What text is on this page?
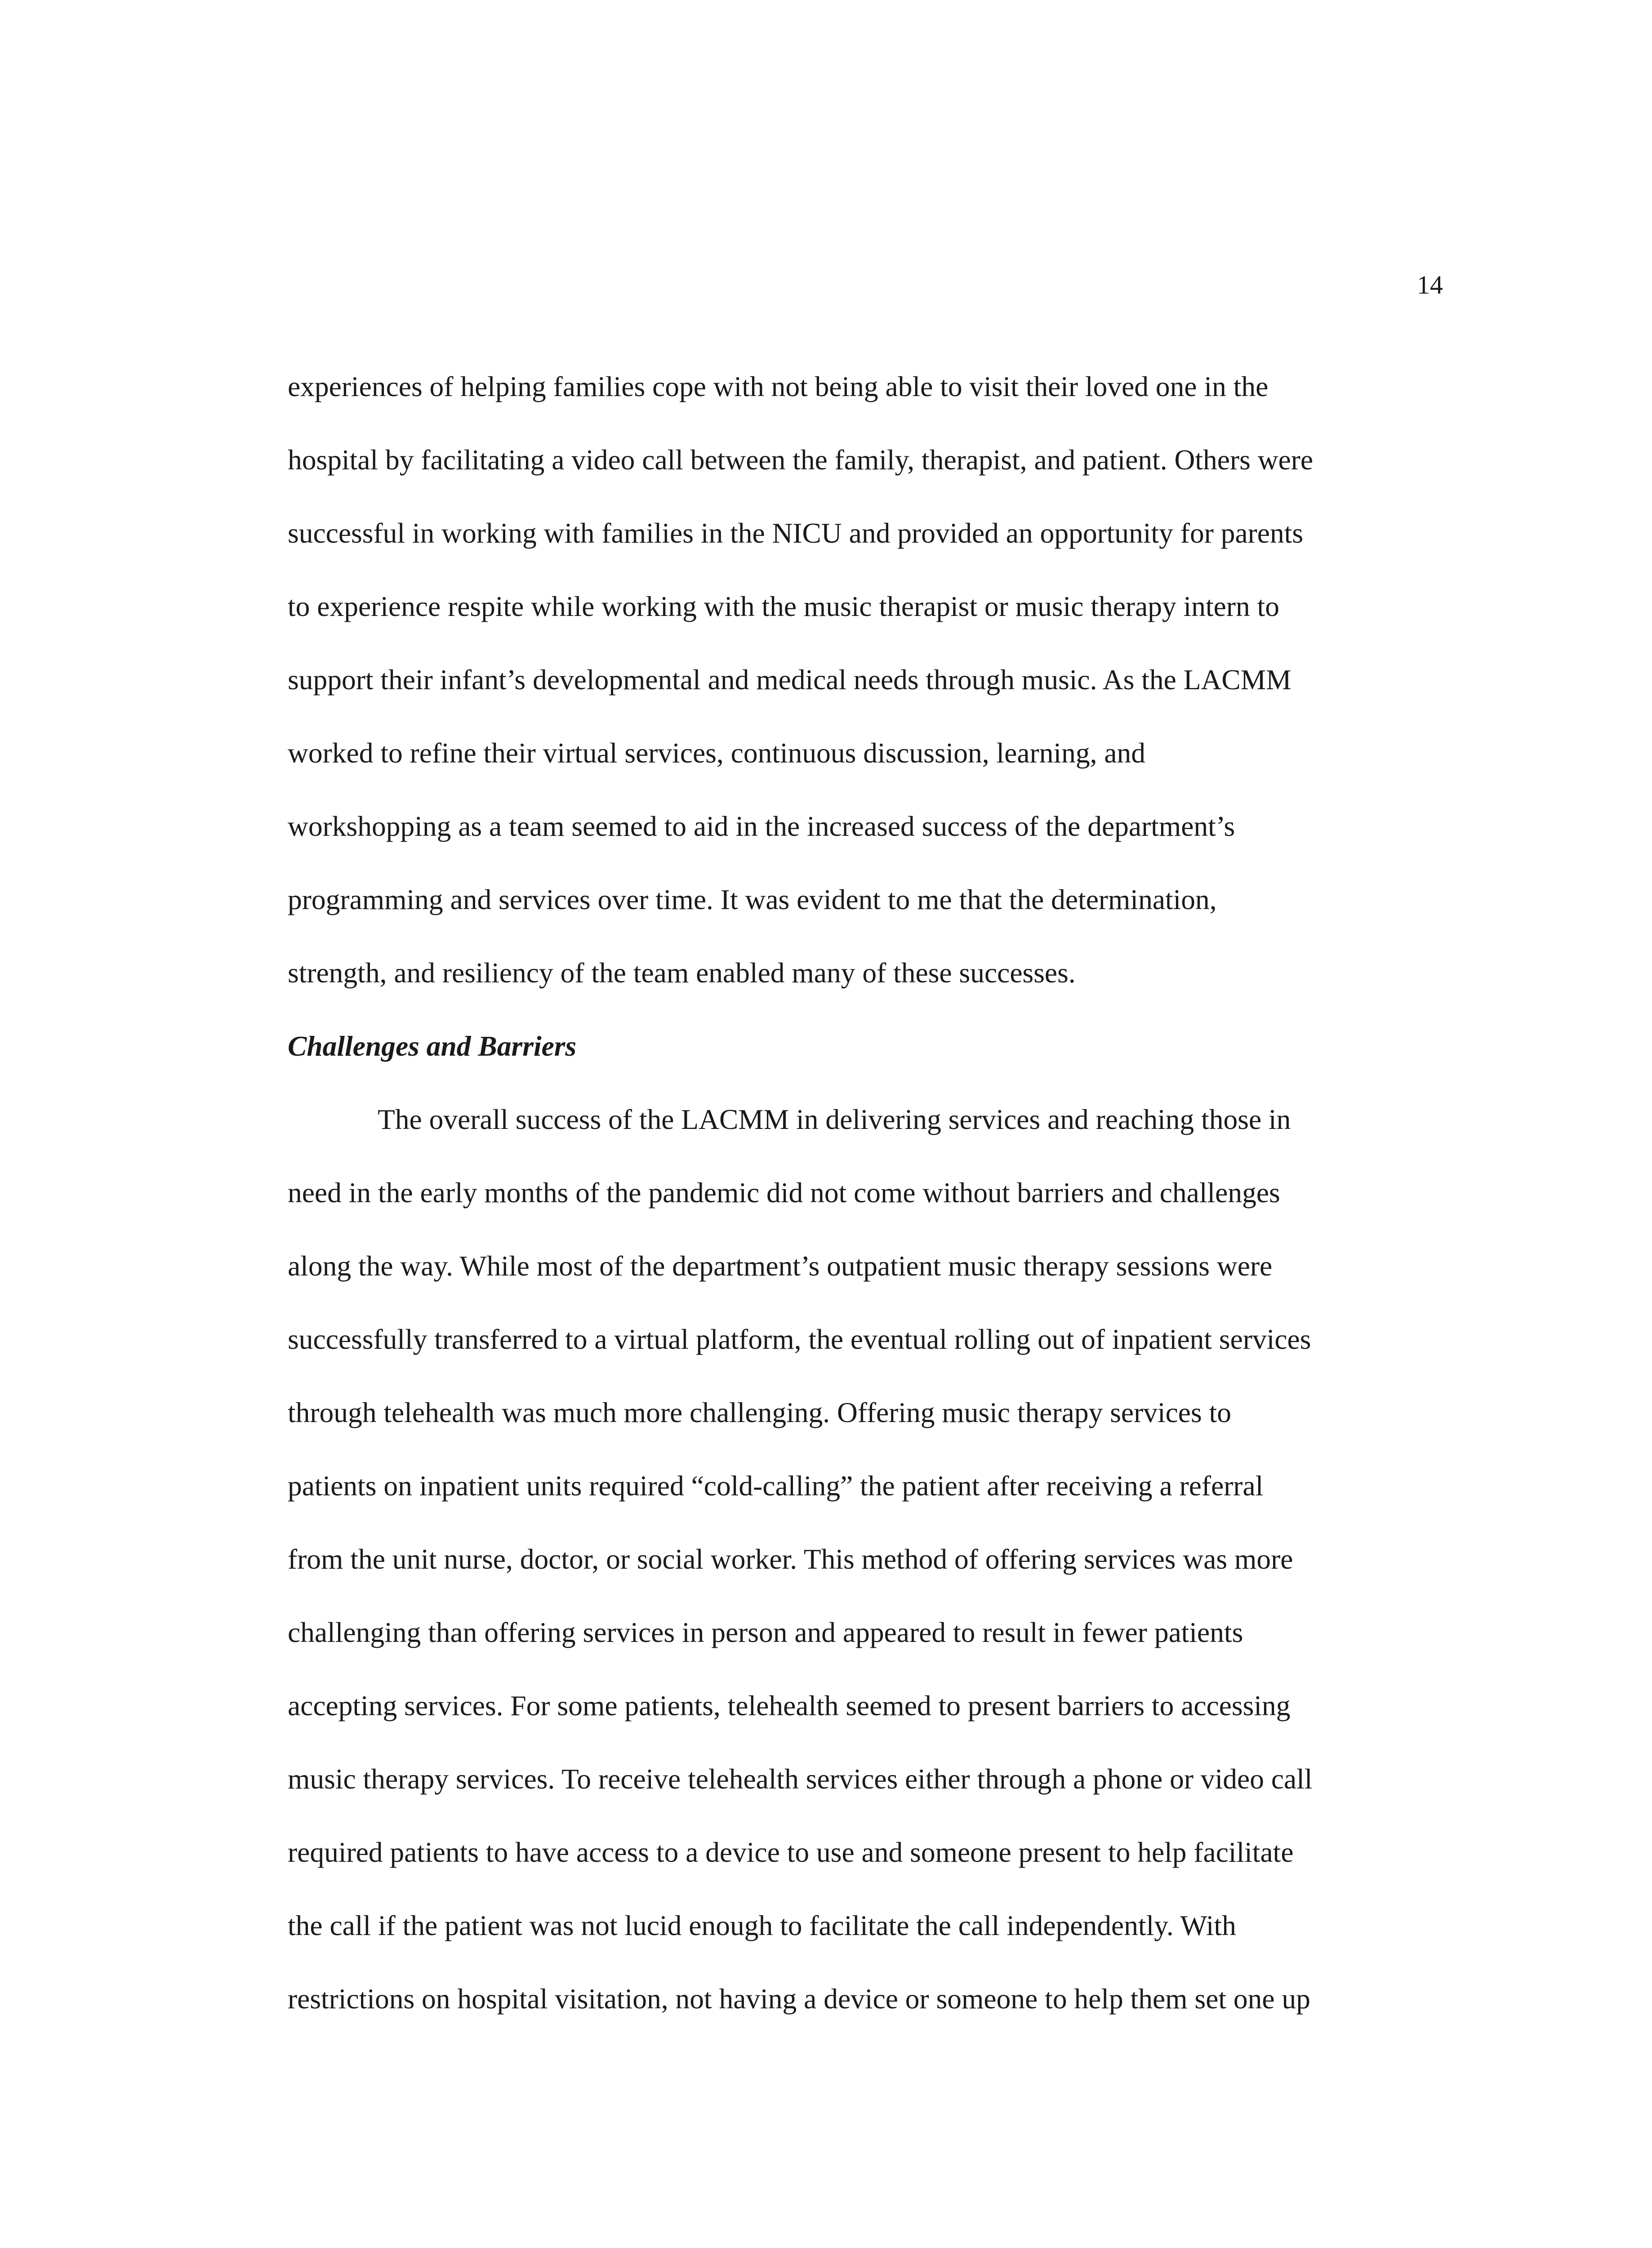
14
experiences of helping families cope with not being able to visit their loved one in the
hospital by facilitating a video call between the family, therapist, and patient. Others were
successful in working with families in the NICU and provided an opportunity for parents
to experience respite while working with the music therapist or music therapy intern to
support their infant’s developmental and medical needs through music. As the LACMM
worked to refine their virtual services, continuous discussion, learning, and
workshopping as a team seemed to aid in the increased success of the department’s
programming and services over time. It was evident to me that the determination,
strength, and resiliency of the team enabled many of these successes.
Challenges and Barriers
The overall success of the LACMM in delivering services and reaching those in
need in the early months of the pandemic did not come without barriers and challenges
along the way. While most of the department’s outpatient music therapy sessions were
successfully transferred to a virtual platform, the eventual rolling out of inpatient services
through telehealth was much more challenging. Offering music therapy services to
patients on inpatient units required “cold-calling” the patient after receiving a referral
from the unit nurse, doctor, or social worker. This method of offering services was more
challenging than offering services in person and appeared to result in fewer patients
accepting services. For some patients, telehealth seemed to present barriers to accessing
music therapy services. To receive telehealth services either through a phone or video call
required patients to have access to a device to use and someone present to help facilitate
the call if the patient was not lucid enough to facilitate the call independently. With
restrictions on hospital visitation, not having a device or someone to help them set one up
